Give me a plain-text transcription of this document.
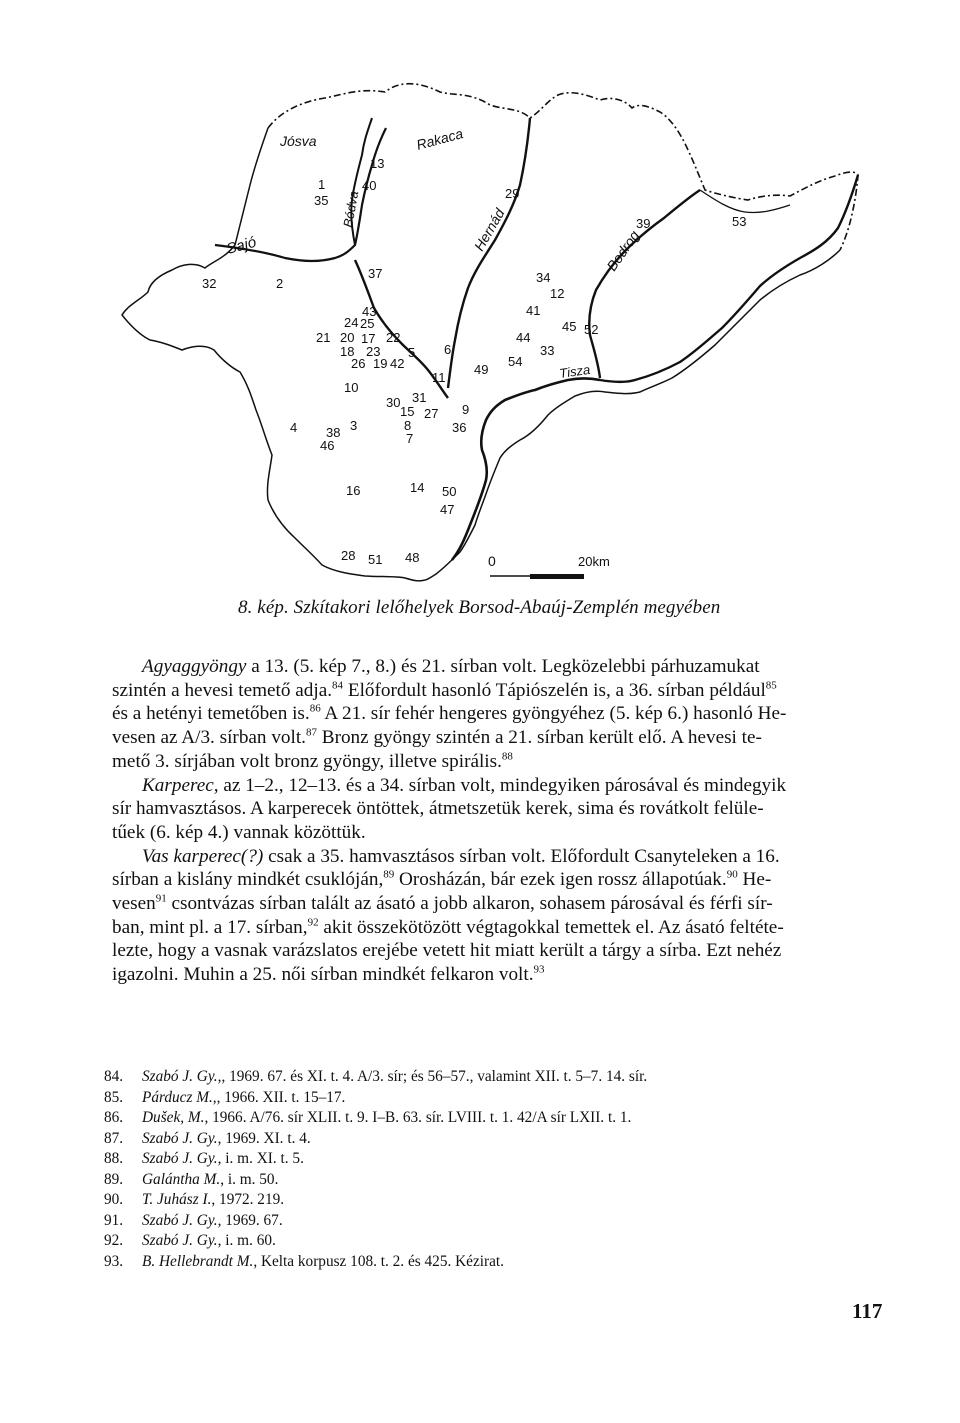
Jósva	Rakaca
Bódva
Sajó	Hernád	Bodrog
Tisza
1
35
40
13
29
39	53
32	2
37
24 25
43
21 20 17 22
18 23
26 19 42
5 6
34
12
41
44
45 52
54
33
49
11
10
30 31
15 27
8
7
9
36
4 38 3
46
16	14 50
47
28 51 48	0	20km
8. kép. Szkítakori lelőhelyek Borsod-Abaúj-Zemplén megyében
Agyaggyöngy a 13. (5. kép 7., 8.) és 21. sírban volt. Legközelebbi párhuzamukat
szintén a hevesi temető adja.$^{84}$ Előfordult hasonló Tápiószelén is, a 36. sírban például$^{85}$
és a hetényi temetőben is.$^{86}$ A 21. sír fehér hengeres gyöngyéhez (5. kép 6.) hasonló He-
vesen az A/3. sírban volt.$^{87}$ Bronz gyöngy szintén a 21. sírban került elő. A hevesi te-
mető 3. sírjában volt bronz gyöngy, illetve spirális.$^{88}$
Karperec, az 1–2., 12–13. és a 34. sírban volt, mindegyiken párosával és mindegyik
sír hamvasztásos. A karperecek öntöttek, átmetszetük kerek, sima és rovátkolt felüle-
tűek (6. kép 4.) vannak közöttük.
Vas karperec(?) csak a 35. hamvasztásos sírban volt. Előfordult Csanyteleken a 16.
sírban a kislány mindkét csuklóján,$^{89}$ Orosházán, bár ezek igen rossz állapotúak.$^{90}$ He-
vesen$^{91}$ csontvázas sírban talált az ásató a jobb alkaron, sohasem párosával és férfi sír-
ban, mint pl. a 17. sírban,$^{92}$ akit összekötözött végtagokkal temettek el. Az ásató feltéte-
lezte, hogy a vasnak varázslatos erejébe vetett hit miatt került a tárgy a sírba. Ezt nehéz
igazolni. Muhin a 25. női sírban mindkét felkaron volt.$^{93}$
84.	Szabó J. Gy.,, 1969. 67. és XI. t. 4. A/3. sír; és 56–57., valamint XII. t. 5–7. 14. sír.
85.	Párducz M.,, 1966. XII. t. 15–17.
86.	Dušek, M., 1966. A/76. sír XLII. t. 9. I–B. 63. sír. LVIII. t. 1. 42/A sír LXII. t. 1.
87.	Szabó J. Gy., 1969. XI. t. 4.
88.	Szabó J. Gy., i. m. XI. t. 5.
89.	Galántha M., i. m. 50.
90.	T. Juhász I., 1972. 219.
91.	Szabó J. Gy., 1969. 67.
92.	Szabó J. Gy., i. m. 60.
93.	B. Hellebrandt M., Kelta korpusz 108. t. 2. és 425. Kézirat.
117
